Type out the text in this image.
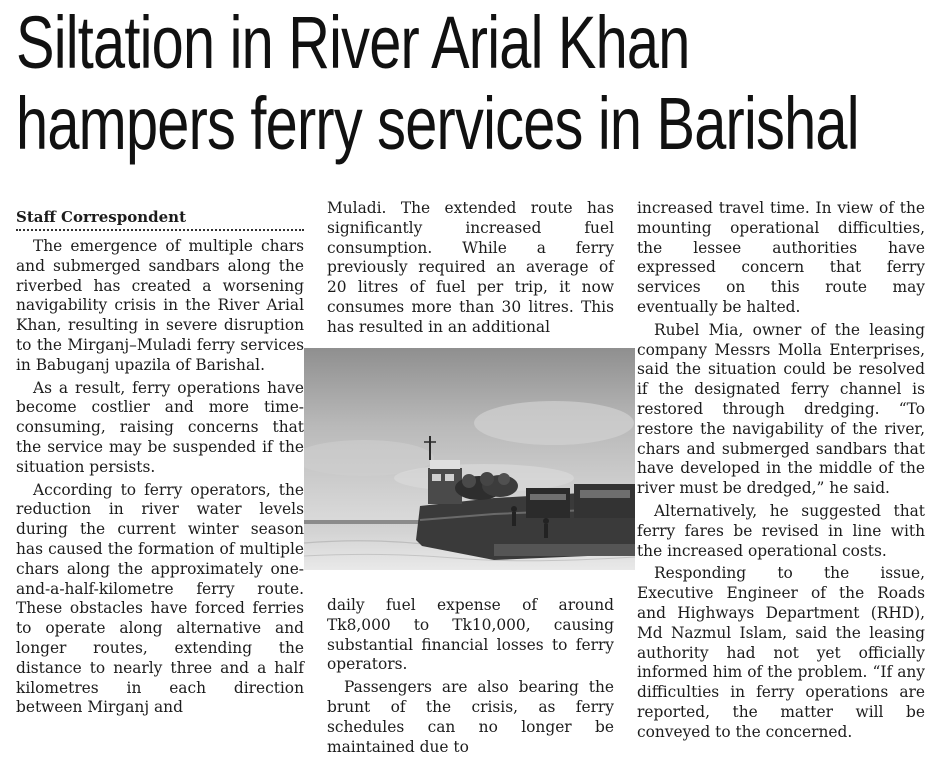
Siltation in River Arial Khan
hampers ferry services in Barishal
Staff Correspondent

The emergence of multiple chars and submerged sandbars along the riverbed has created a worsening navigability crisis in the River Arial Khan, resulting in severe disruption to the Mirganj–Muladi ferry services in Babuganj upazila of Barishal.

As a result, ferry operations have become costlier and more time-consuming, raising concerns that the service may be suspended if the situation persists.

According to ferry operators, the reduction in river water levels during the current winter season has caused the formation of multiple chars along the approximately one-and-a-half-kilometre ferry route. These obstacles have forced ferries to operate along alternative and longer routes, extending the distance to nearly three and a half kilometres in each direction between Mirganj and

Muladi. The extended route has significantly increased fuel consumption. While a ferry previously required an average of 20 litres of fuel per trip, it now consumes more than 30 litres. This has resulted in an additional

daily fuel expense of around Tk8,000 to Tk10,000, causing substantial financial losses to ferry operators.

Passengers are also bearing the brunt of the crisis, as ferry schedules can no longer be maintained due to

increased travel time. In view of the mounting operational difficulties, the lessee authorities have expressed concern that ferry services on this route may eventually be halted.

Rubel Mia, owner of the leasing company Messrs Molla Enterprises, said the situation could be resolved if the designated ferry channel is restored through dredging. “To restore the navigability of the river, chars and submerged sandbars that have developed in the middle of the river must be dredged,” he said.

Alternatively, he suggested that ferry fares be revised in line with the increased operational costs.

Responding to the issue, Executive Engineer of the Roads and Highways Department (RHD), Md Nazmul Islam, said the leasing authority had not yet officially informed him of the problem. “If any difficulties in ferry operations are reported, the matter will be conveyed to the concerned.
